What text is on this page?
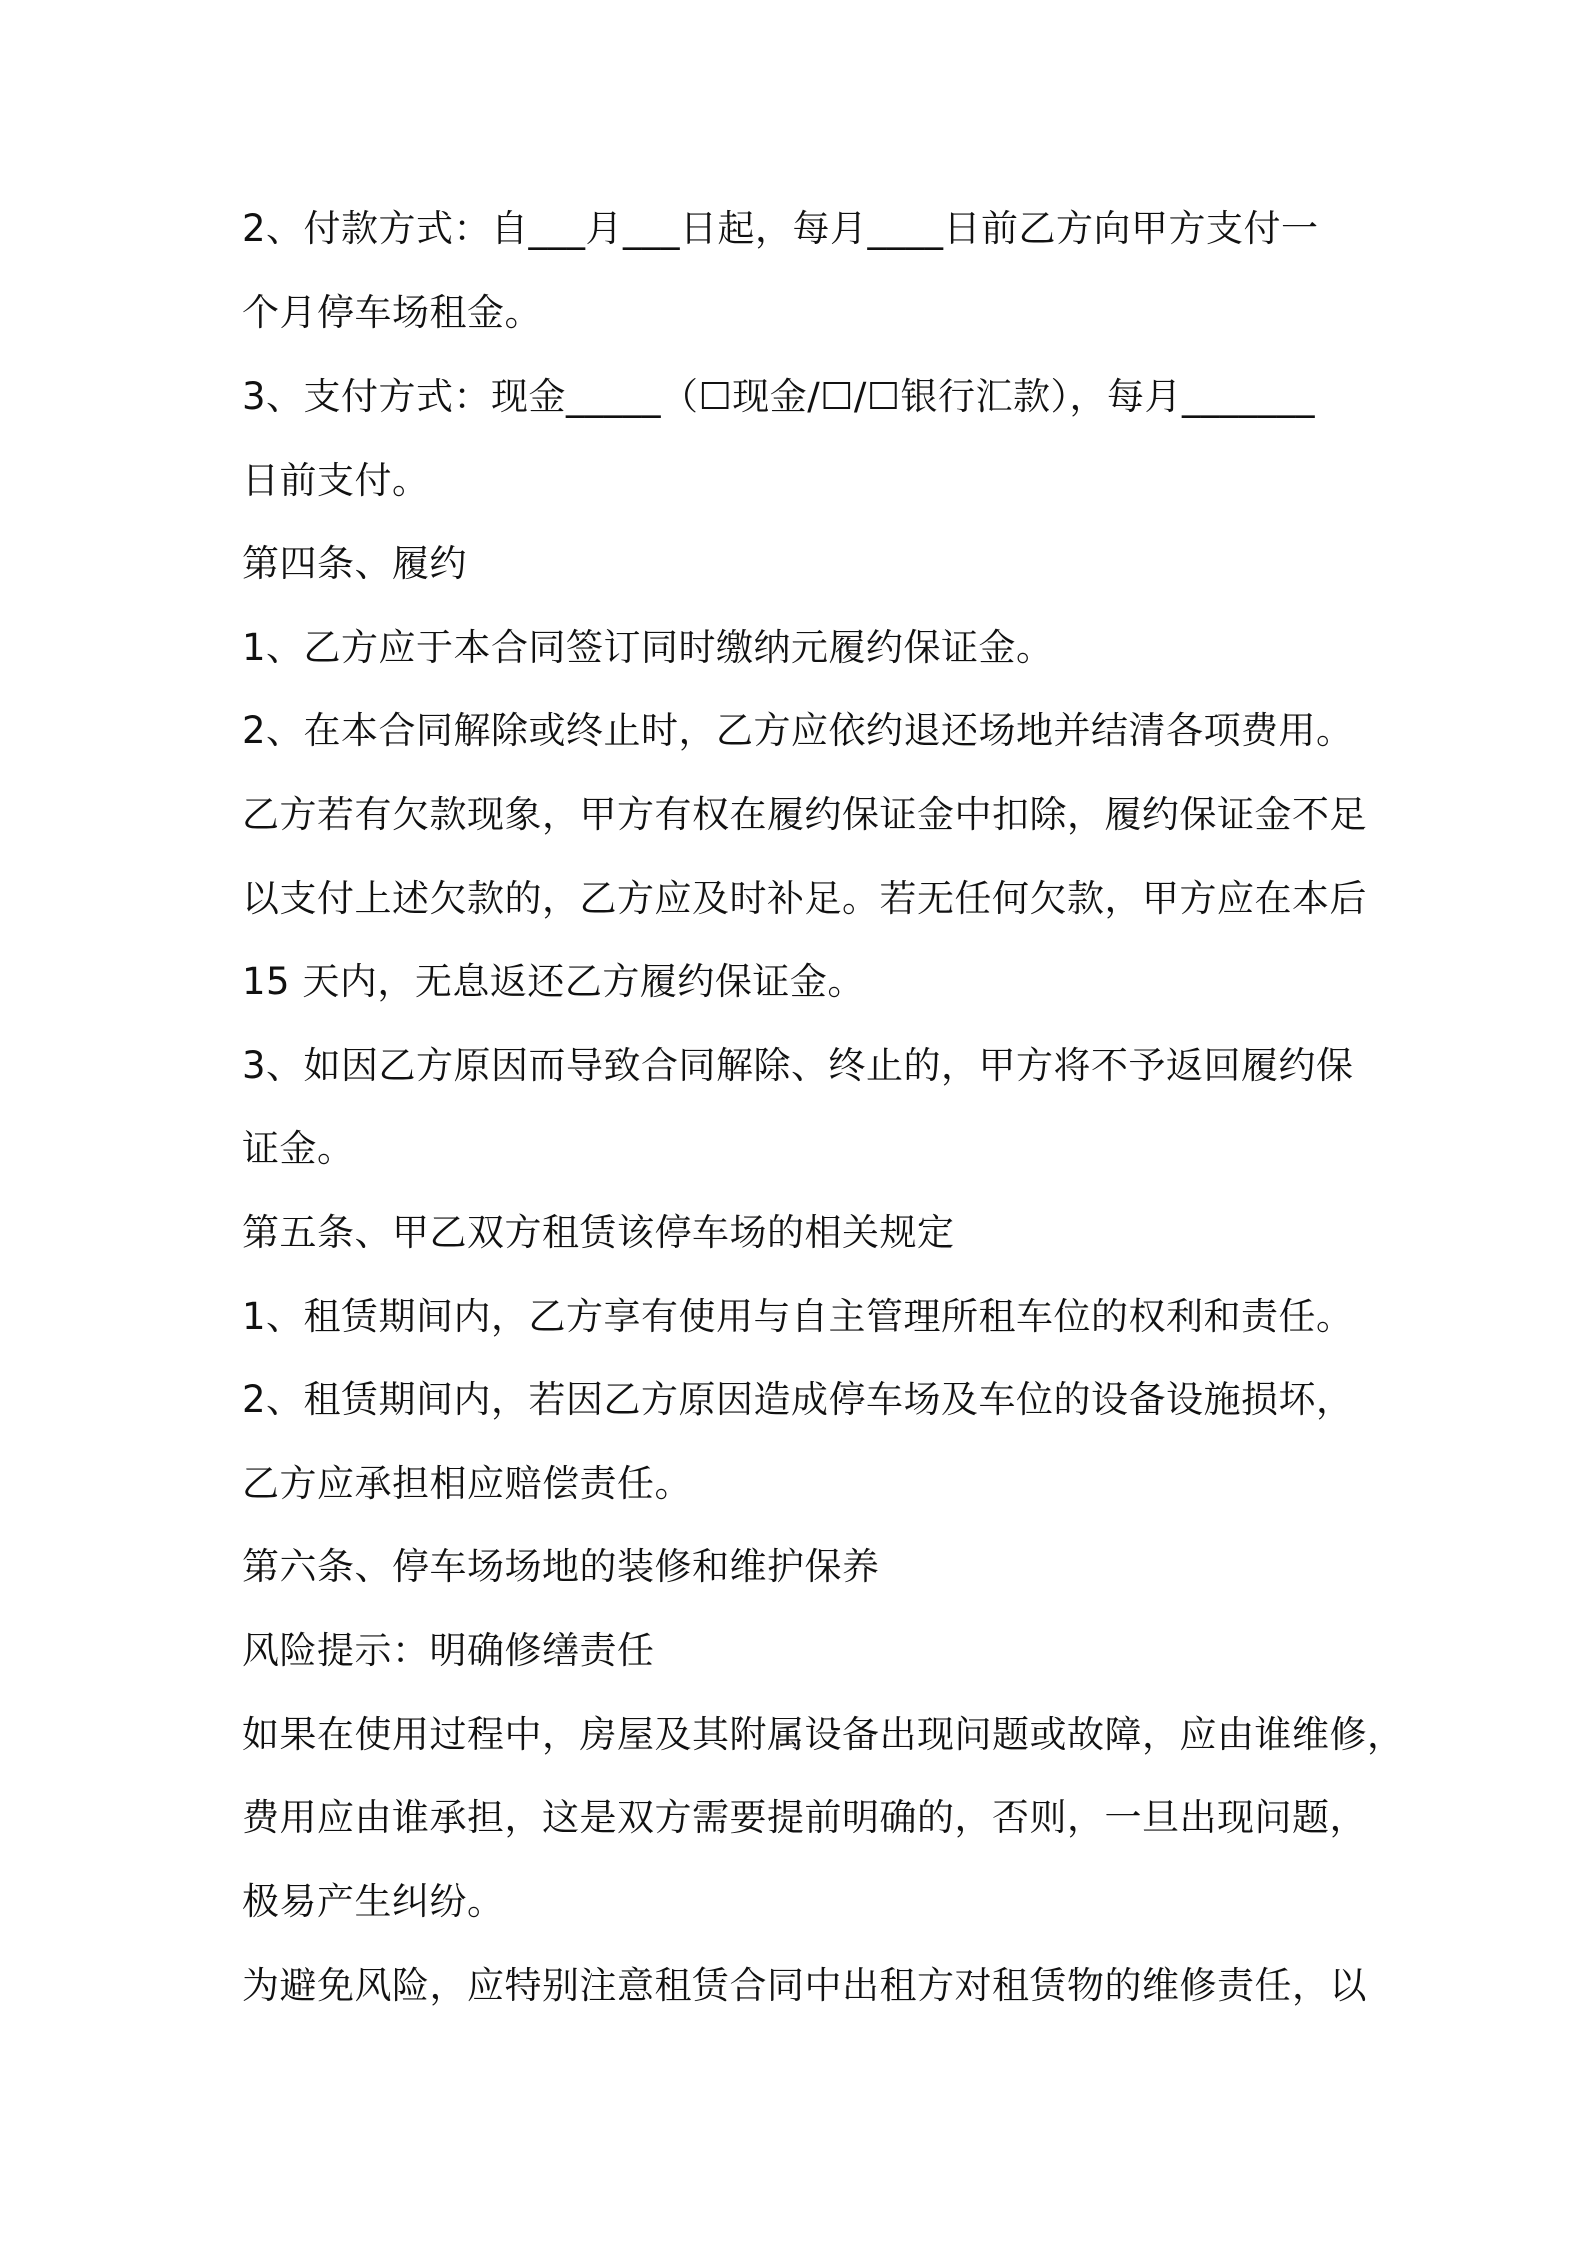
2、付款方式：自___月___日起，每月____日前乙方向甲方支付一

个月停车场租金。

3、支付方式：现金_____（☐现金/☐/☐银行汇款），每月_______

日前支付。

第四条、履约

1、乙方应于本合同签订同时缴纳元履约保证金。

2、在本合同解除或终止时，乙方应依约退还场地并结清各项费用。

乙方若有欠款现象，甲方有权在履约保证金中扣除，履约保证金不足

以支付上述欠款的，乙方应及时补足。若无任何欠款，甲方应在本后

15 天内，无息返还乙方履约保证金。

3、如因乙方原因而导致合同解除、终止的，甲方将不予返回履约保

证金。

第五条、甲乙双方租赁该停车场的相关规定

1、租赁期间内，乙方享有使用与自主管理所租车位的权利和责任。

2、租赁期间内，若因乙方原因造成停车场及车位的设备设施损坏，

乙方应承担相应赔偿责任。

第六条、停车场场地的装修和维护保养

风险提示：明确修缮责任

如果在使用过程中，房屋及其附属设备出现问题或故障，应由谁维修，

费用应由谁承担，这是双方需要提前明确的，否则，一旦出现问题，

极易产生纠纷。

为避免风险，应特别注意租赁合同中出租方对租赁物的维修责任，以
